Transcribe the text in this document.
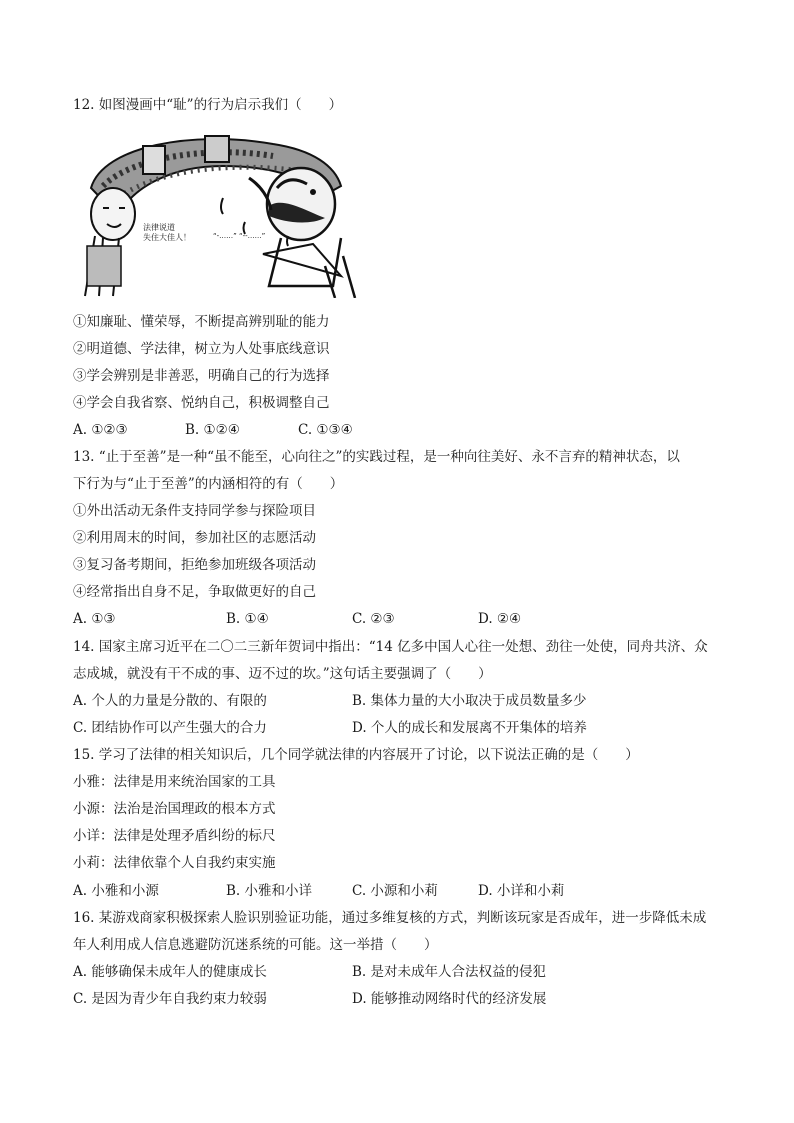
12. 如图漫画中“耻”的行为启示我们（　　）
法律说道
失住大佳人！	“-……” “--……”
①知廉耻、懂荣辱，不断提高辨别耻的能力
②明道德、学法律，树立为人处事底线意识
③学会辨别是非善恶，明确自己的行为选择
④学会自我省察、悦纳自己，积极调整自己
A. ①②③	B. ①②④	C. ①③④
13. “止于至善”是一种“虽不能至，心向往之”的实践过程，是一种向往美好、永不言弃的精神状态，以
下行为与“止于至善”的内涵相符的有（　　）
①外出活动无条件支持同学参与探险项目
②利用周末的时间，参加社区的志愿活动
③复习备考期间，拒绝参加班级各项活动
④经常指出自身不足，争取做更好的自己
A. ①③	B. ①④	C. ②③	D. ②④
14. 国家主席习近平在二〇二三新年贺词中指出：“14 亿多中国人心往一处想、劲往一处使，同舟共济、众
志成城，就没有干不成的事、迈不过的坎。”这句话主要强调了（　　）
A. 个人的力量是分散的、有限的	B. 集体力量的大小取决于成员数量多少
C. 团结协作可以产生强大的合力	D. 个人的成长和发展离不开集体的培养
15. 学习了法律的相关知识后，几个同学就法律的内容展开了讨论，以下说法正确的是（　　）
小雅：法律是用来统治国家的工具
小源：法治是治国理政的根本方式
小详：法律是处理矛盾纠纷的标尺
小莉：法律依靠个人自我约束实施
A. 小雅和小源	B. 小雅和小详	C. 小源和小莉	D. 小详和小莉
16. 某游戏商家积极探索人脸识别验证功能，通过多维复核的方式，判断该玩家是否成年，进一步降低未成
年人利用成人信息逃避防沉迷系统的可能。这一举措（　　）
A. 能够确保未成年人的健康成长	B. 是对未成年人合法权益的侵犯
C. 是因为青少年自我约束力较弱	D. 能够推动网络时代的经济发展
